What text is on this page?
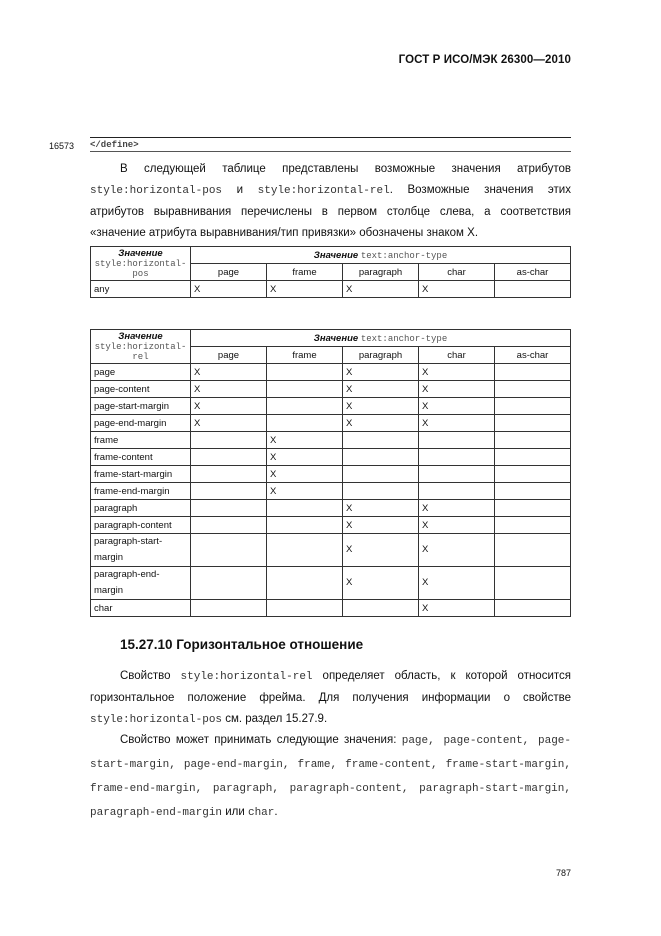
ГОСТ Р ИСО/МЭК 26300—2010
16573 </define>
В следующей таблице представлены возможные значения атрибутов style:horizontal-pos и style:horizontal-rel. Возможные значения этих атрибутов выравнивания перечислены в первом столбце слева, а соответствия «значение атрибута выравнивания/тип привязки» обозначены знаком X.
Значение
style:horizontal-pos	Значение text:anchor-type				
	page	frame	paragraph	char	as-char
any	X	X	X	X	
Значение
style:horizontal-rel	Значение text:anchor-type				
	page	frame	paragraph	char	as-char
page	X		X	X	
page-content	X		X	X	
page-start-margin	X		X	X	
page-end-margin	X		X	X	
frame		X			
frame-content		X			
frame-start-margin		X			
frame-end-margin		X			
paragraph			X	X	
paragraph-content			X	X	
paragraph-start-margin			X	X	
paragraph-end-margin			X	X	
char				X	
15.27.10 Горизонтальное отношение
Свойство style:horizontal-rel определяет область, к которой относится горизонтальное положение фрейма. Для получения информации о свойстве style:horizontal-pos см. раздел 15.27.9.
Свойство может принимать следующие значения: page, page-content, page-start-margin, page-end-margin, frame, frame-content, frame-start-margin, frame-end-margin, paragraph, paragraph-content, paragraph-start-margin, paragraph-end-margin или char.
787
